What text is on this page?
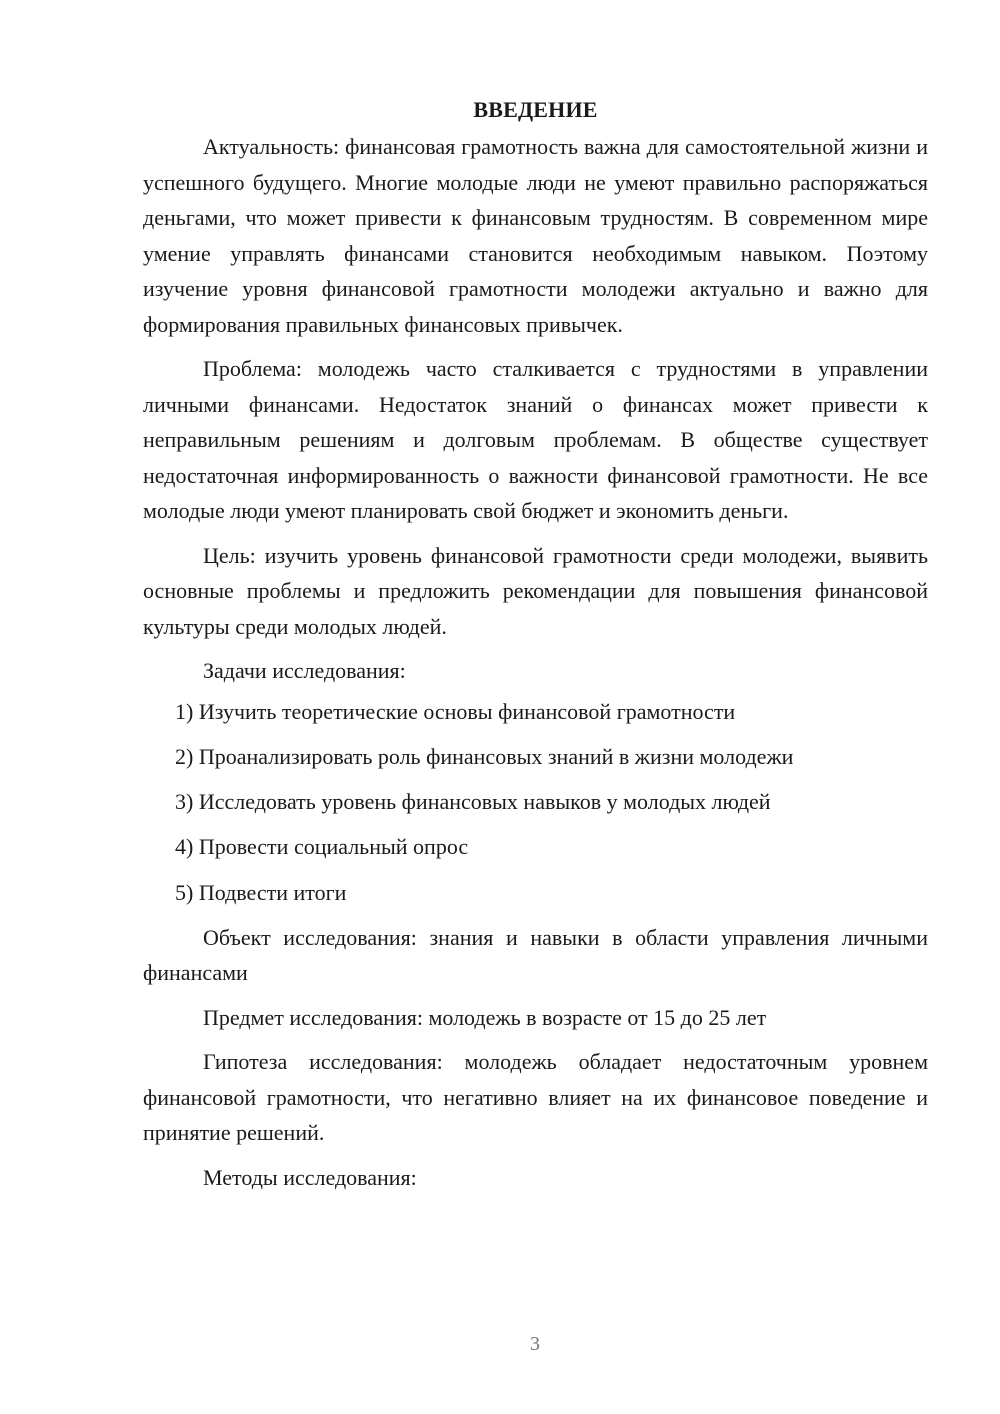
ВВЕДЕНИЕ

Актуальность: финансовая грамотность важна для самостоятельной жизни и успешного будущего. Многие молодые люди не умеют правильно распоряжаться деньгами, что может привести к финансовым трудностям. В современном мире умение управлять финансами становится необходимым навыком. Поэтому изучение уровня финансовой грамотности молодежи актуально и важно для формирования правильных финансовых привычек.

Проблема: молодежь часто сталкивается с трудностями в управлении личными финансами. Недостаток знаний о финансах может привести к неправильным решениям и долговым проблемам. В обществе существует недостаточная информированность о важности финансовой грамотности. Не все молодые люди умеют планировать свой бюджет и экономить деньги.

Цель: изучить уровень финансовой грамотности среди молодежи, выявить основные проблемы и предложить рекомендации для повышения финансовой культуры среди молодых людей.

Задачи исследования:

1) Изучить теоретические основы финансовой грамотности
2) Проанализировать роль финансовых знаний в жизни молодежи
3) Исследовать уровень финансовых навыков у молодых людей
4) Провести социальный опрос
5) Подвести итоги

Объект исследования: знания и навыки в области управления личными финансами

Предмет исследования: молодежь в возрасте от 15 до 25 лет

Гипотеза исследования: молодежь обладает недостаточным уровнем финансовой грамотности, что негативно влияет на их финансовое поведение и принятие решений.

Методы исследования:

3
